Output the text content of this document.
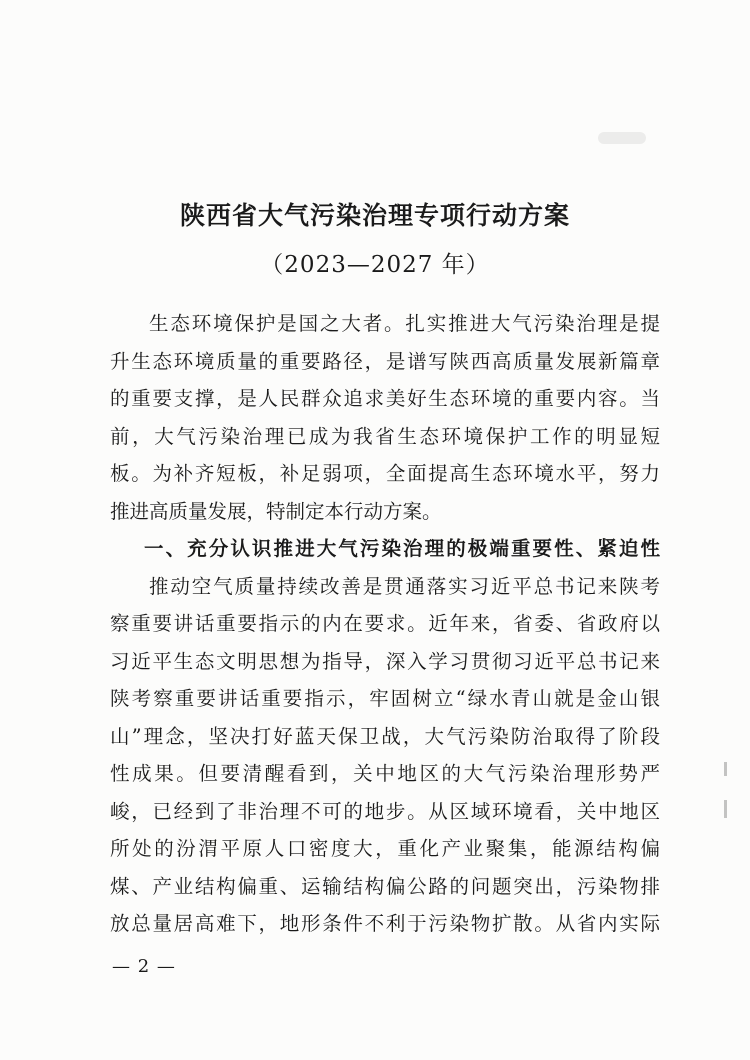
陕西省大气污染治理专项行动方案
（2023—2027 年）
生态环境保护是国之大者。扎实推进大气污染治理是提
升生态环境质量的重要路径，是谱写陕西高质量发展新篇章
的重要支撑，是人民群众追求美好生态环境的重要内容。当
前，大气污染治理已成为我省生态环境保护工作的明显短
板。为补齐短板，补足弱项，全面提高生态环境水平，努力
推进高质量发展，特制定本行动方案。
一、充分认识推进大气污染治理的极端重要性、紧迫性
推动空气质量持续改善是贯通落实习近平总书记来陕考
察重要讲话重要指示的内在要求。近年来，省委、省政府以
习近平生态文明思想为指导，深入学习贯彻习近平总书记来
陕考察重要讲话重要指示，牢固树立“绿水青山就是金山银
山”理念，坚决打好蓝天保卫战，大气污染防治取得了阶段
性成果。但要清醒看到，关中地区的大气污染治理形势严
峻，已经到了非治理不可的地步。从区域环境看，关中地区
所处的汾渭平原人口密度大，重化产业聚集，能源结构偏
煤、产业结构偏重、运输结构偏公路的问题突出，污染物排
放总量居高难下，地形条件不利于污染物扩散。从省内实际
— 2 —
